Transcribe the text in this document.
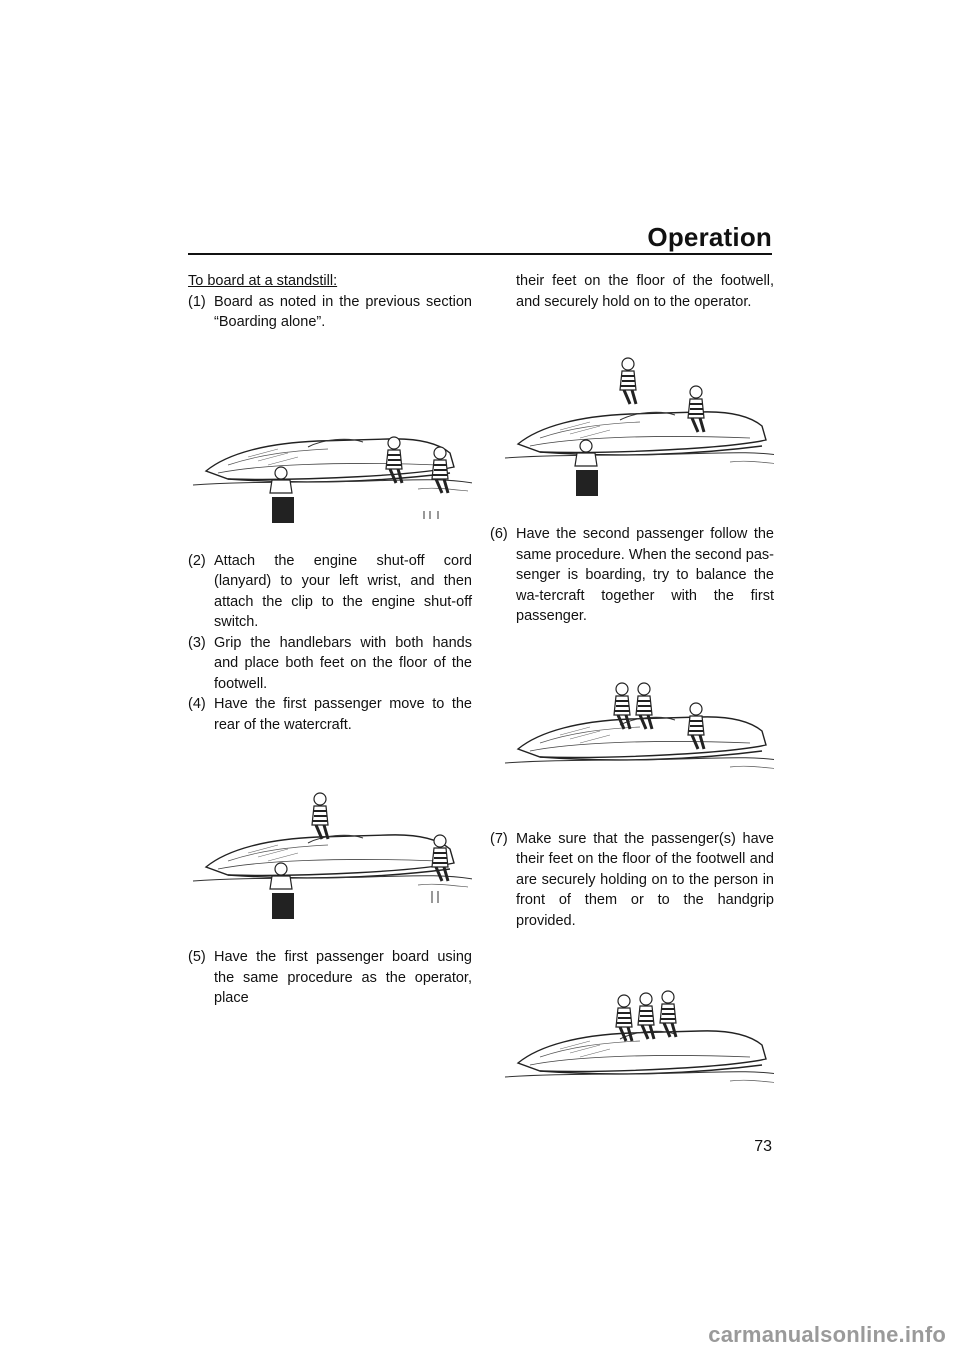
Operation

To board at a standstill:

(1) Board as noted in the previous section

“Boarding alone”.

(2) Attach the engine shut-off cord (lanyard) to your left wrist, and then attach the clip to the engine shut-off switch.

(3) Grip the handlebars with both hands and place both feet on the floor of the footwell.

(4) Have the first passenger move to the rear of the watercraft.

(5) Have the first passenger board using the same procedure as the operator, place

their feet on the floor of the footwell, and securely hold on to the operator.

(6) Have the second passenger follow the same procedure. When the second pas-senger is boarding, try to balance the wa-tercraft together with the first passenger.

(7) Make sure that the passenger(s) have their feet on the floor of the footwell and are securely holding on to the person in front of them or to the handgrip provided.

73
carmanualsonline.info
